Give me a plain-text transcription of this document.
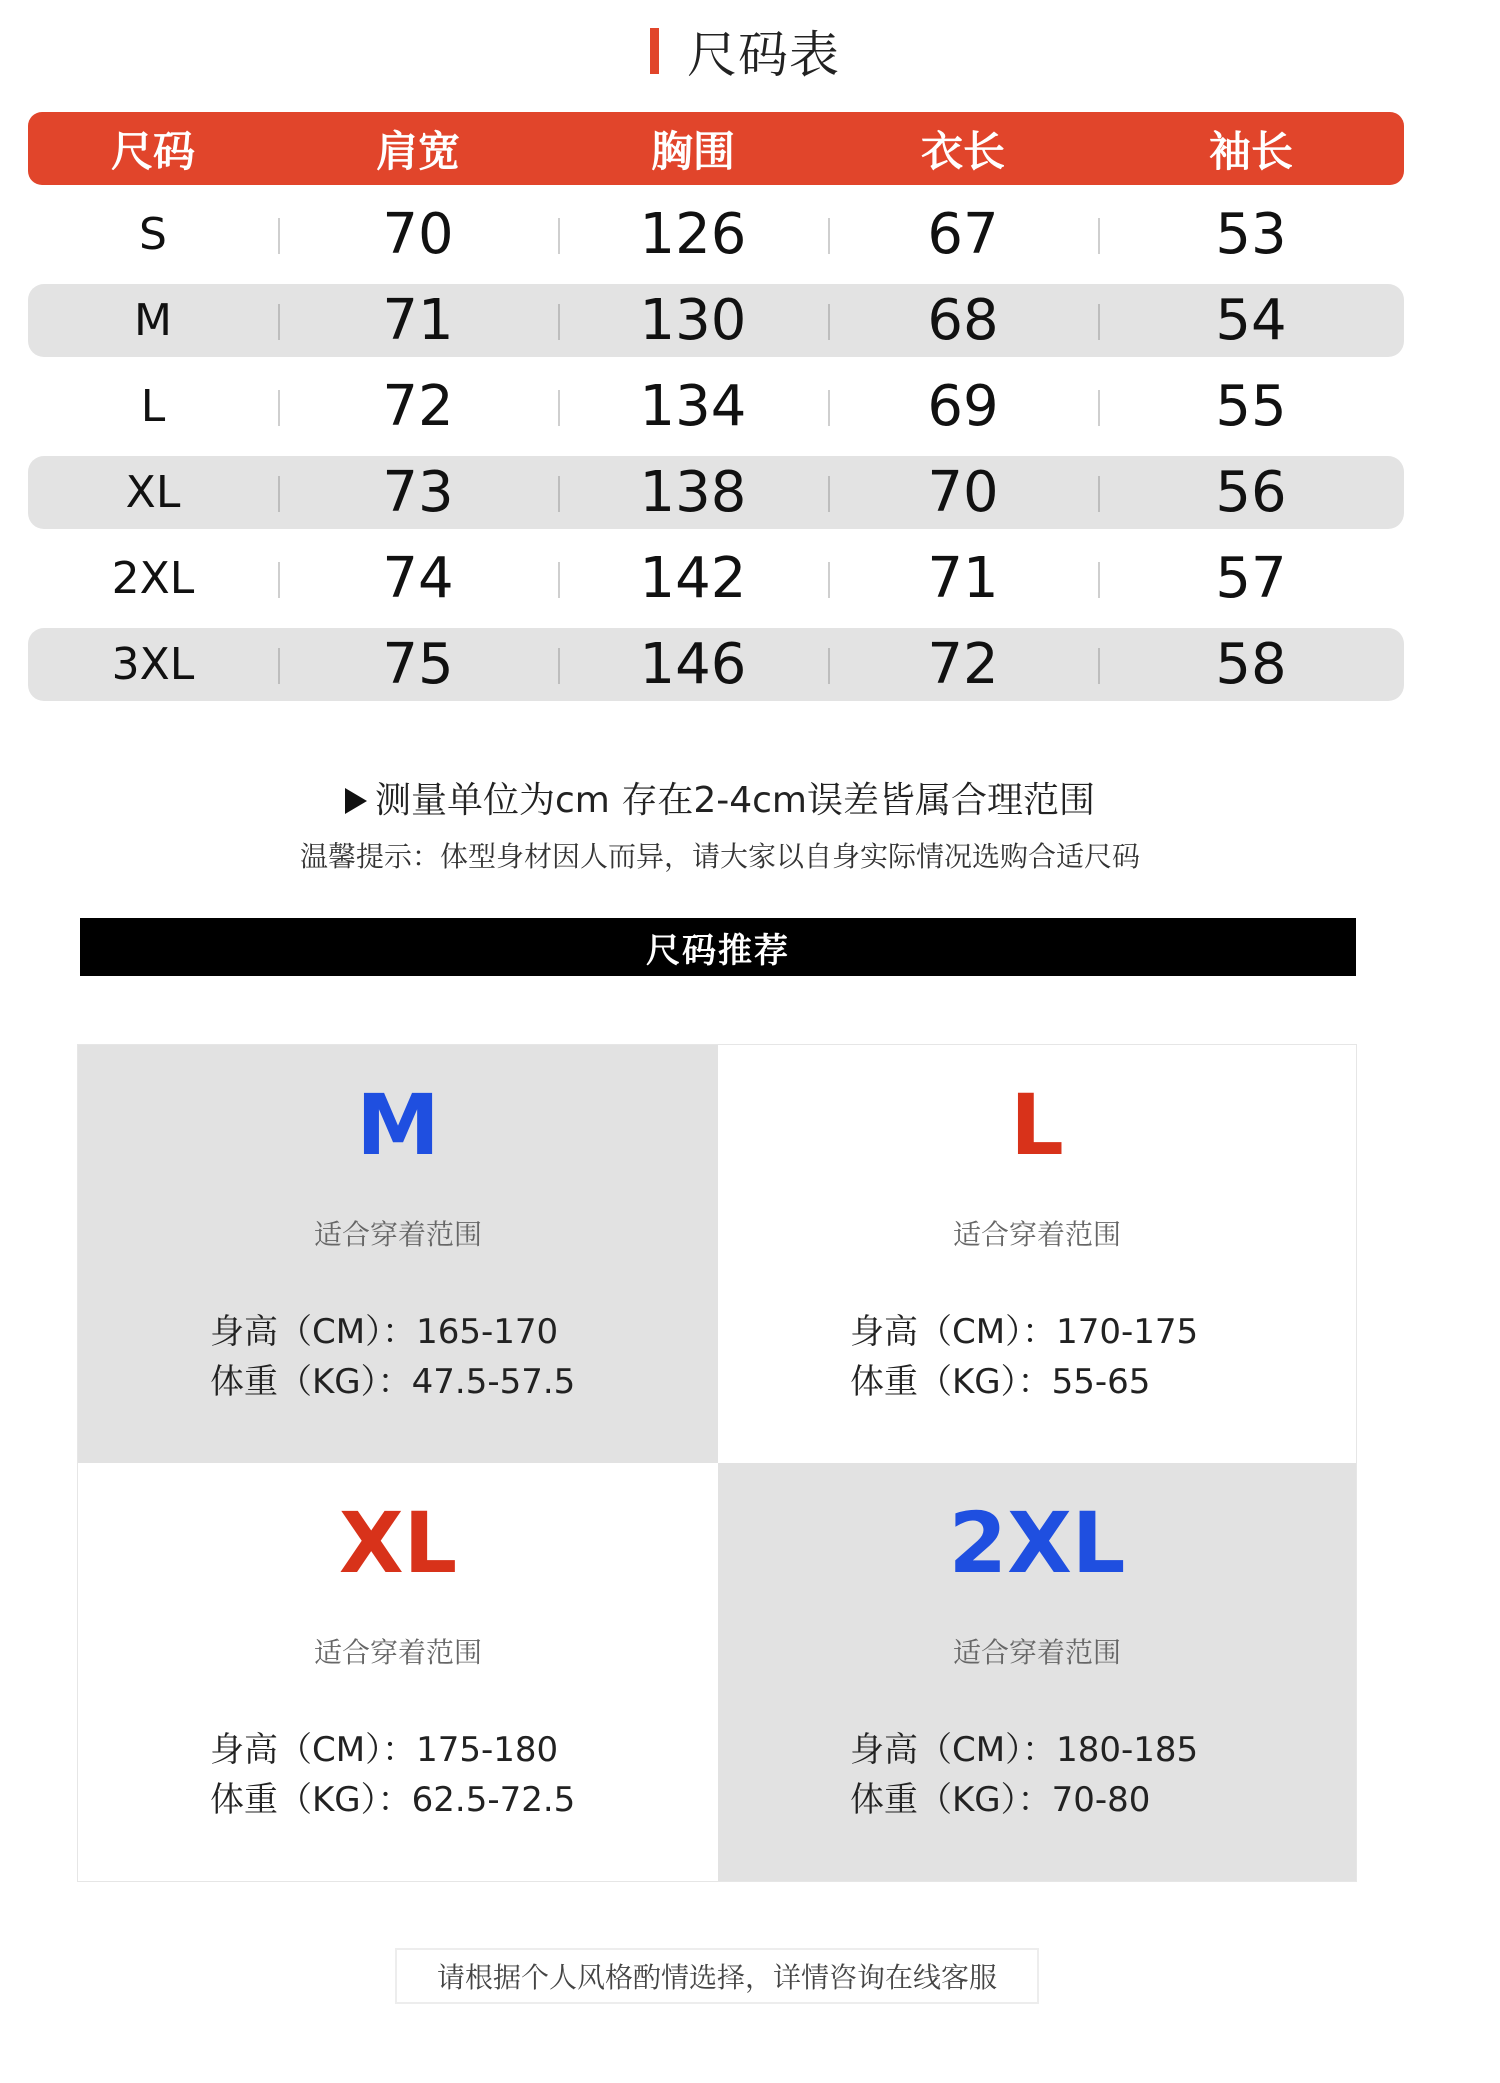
尺码表
尺码	肩宽	胸围	衣长	袖长
S	70	126	67	53
M	71	130	68	54
L	72	134	69	55
XL	73	138	70	56
2XL	74	142	71	57
3XL	75	146	72	58
测量单位为cm 存在2-4cm误差皆属合理范围
温馨提示：体型身材因人而异，请大家以自身实际情况选购合适尺码
尺码推荐
M
适合穿着范围
身高（CM）：165-170
体重（KG）：47.5-57.5
L
适合穿着范围
身高（CM）：170-175
体重（KG）：55-65
XL
适合穿着范围
身高（CM）：175-180
体重（KG）：62.5-72.5
2XL
适合穿着范围
身高（CM）：180-185
体重（KG）：70-80
请根据个人风格酌情选择，详情咨询在线客服
